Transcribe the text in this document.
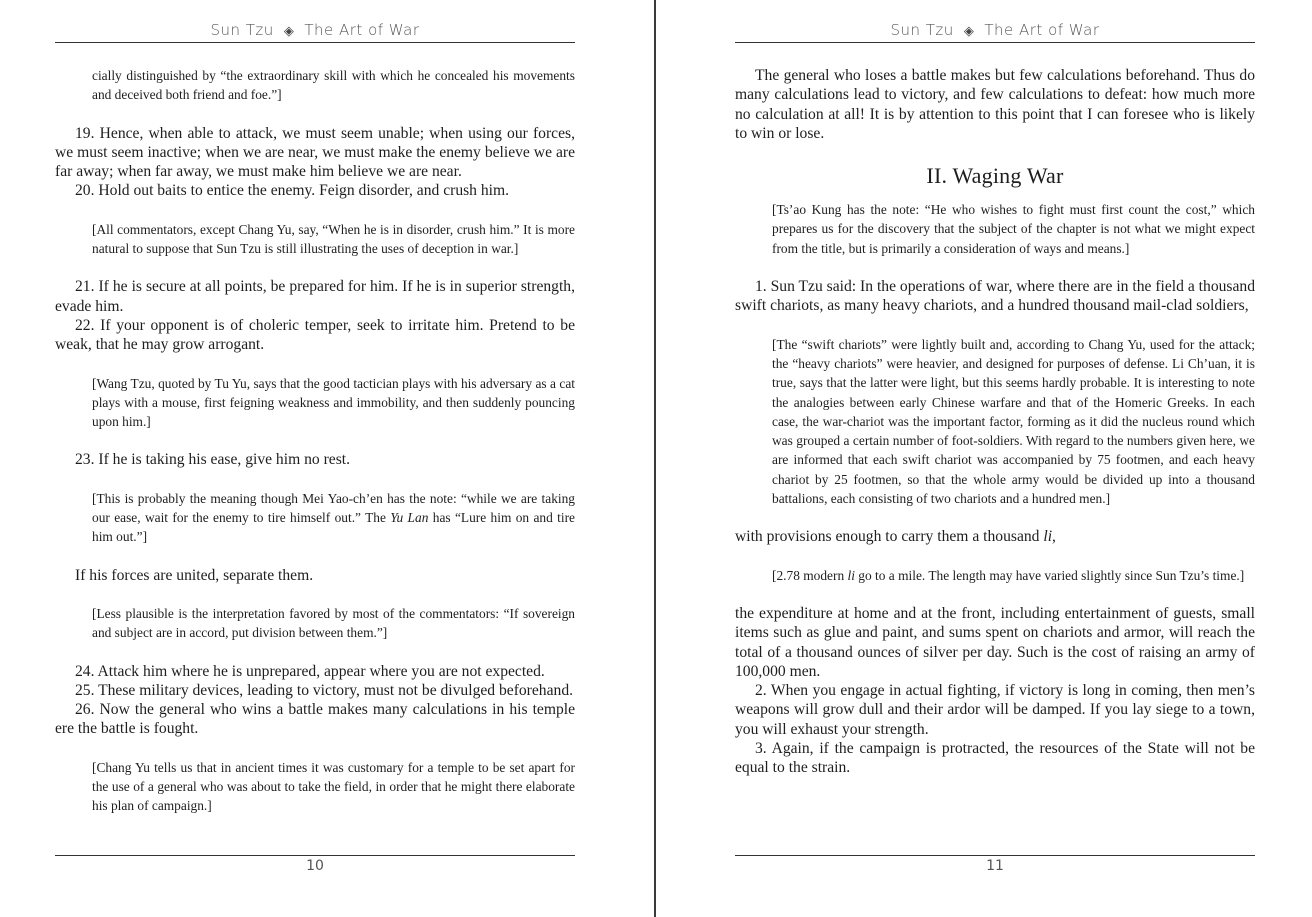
Sun Tzu ◈ The Art of War

cially distinguished by “the extraordinary skill with which he concealed his movements and deceived both friend and foe.”]

19. Hence, when able to attack, we must seem unable; when using our forces, we must seem inactive; when we are near, we must make the enemy believe we are far away; when far away, we must make him believe we are near.

20. Hold out baits to entice the enemy. Feign disorder, and crush him.

[All commentators, except Chang Yu, say, “When he is in disorder, crush him.” It is more natural to suppose that Sun Tzu is still illustrating the uses of deception in war.]

21. If he is secure at all points, be prepared for him. If he is in superior strength, evade him.

22. If your opponent is of choleric temper, seek to irritate him. Pretend to be weak, that he may grow arrogant.

[Wang Tzu, quoted by Tu Yu, says that the good tactician plays with his adversary as a cat plays with a mouse, first feigning weakness and immobility, and then suddenly pouncing upon him.]

23. If he is taking his ease, give him no rest.

[This is probably the meaning though Mei Yao-ch’en has the note: “while we are taking our ease, wait for the enemy to tire himself out.” The Yu Lan has “Lure him on and tire him out.”]

If his forces are united, separate them.

[Less plausible is the interpretation favored by most of the commentators: “If sovereign and subject are in accord, put division between them.”]

24. Attack him where he is unprepared, appear where you are not expected.

25. These military devices, leading to victory, must not be divulged beforehand.

26. Now the general who wins a battle makes many calculations in his temple ere the battle is fought.

[Chang Yu tells us that in ancient times it was customary for a temple to be set apart for the use of a general who was about to take the field, in order that he might there elaborate his plan of campaign.]

10
Sun Tzu ◈ The Art of War

The general who loses a battle makes but few calculations beforehand. Thus do many calculations lead to victory, and few calculations to defeat: how much more no calculation at all! It is by attention to this point that I can foresee who is likely to win or lose.

II. Waging War

[Ts’ao Kung has the note: “He who wishes to fight must first count the cost,” which prepares us for the discovery that the subject of the chapter is not what we might expect from the title, but is primarily a consideration of ways and means.]

1. Sun Tzu said: In the operations of war, where there are in the field a thousand swift chariots, as many heavy chariots, and a hundred thousand mail-clad soldiers,

[The “swift chariots” were lightly built and, according to Chang Yu, used for the attack; the “heavy chariots” were heavier, and designed for purposes of defense. Li Ch’uan, it is true, says that the latter were light, but this seems hardly probable. It is interesting to note the analogies between early Chinese warfare and that of the Homeric Greeks. In each case, the war-chariot was the important factor, forming as it did the nucleus round which was grouped a certain number of foot-soldiers. With regard to the numbers given here, we are informed that each swift chariot was accompanied by 75 footmen, and each heavy chariot by 25 footmen, so that the whole army would be divided up into a thousand battalions, each consisting of two chariots and a hundred men.]

with provisions enough to carry them a thousand li,

[2.78 modern li go to a mile. The length may have varied slightly since Sun Tzu’s time.]

the expenditure at home and at the front, including entertainment of guests, small items such as glue and paint, and sums spent on chariots and armor, will reach the total of a thousand ounces of silver per day. Such is the cost of raising an army of 100,000 men.

2. When you engage in actual fighting, if victory is long in coming, then men’s weapons will grow dull and their ardor will be damped. If you lay siege to a town, you will exhaust your strength.

3. Again, if the campaign is protracted, the resources of the State will not be equal to the strain.

11
